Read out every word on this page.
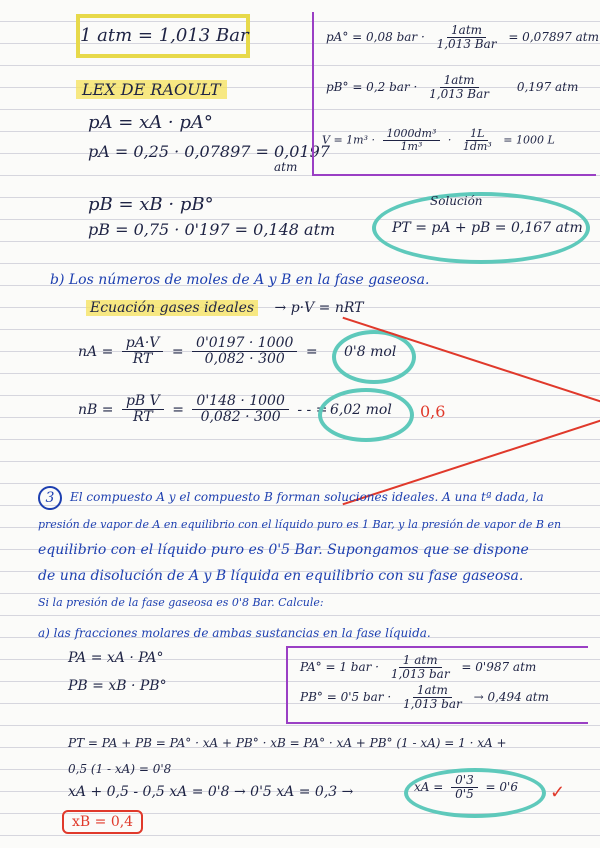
1 atm = 1,013 Bar
LEX DE RAOULT
pA = xA · pA°
pA = 0,25 · 0,07897 = 0,0197
atm
pB = xB · pB°
pB = 0,75 · 0'197 = 0,148 atm
pA° = 0,08 bar · $\frac{\text{1atm}}{\text{1,013 Bar}} = 0,07897$ atm
pB° = 0,2 bar · $\frac{\text{1atm}}{\text{1,013 Bar}} 0,197$ atm
$V = 1m^3 \cdot \frac{\text{1000dm³}}{\text{1m³}} \cdot \frac{1L}{\text{1dm³}} = 1000$ L
Solución
PT = pA + pB = 0,167 atm
b) Los números de moles de A y B en la fase gaseosa.
Ecuación gases ideales → p·V = nRT
nA = $\frac{pA\cdot V}{RT} = \frac{0'0197 \cdot 1000}{0,082 \cdot 300} = 0'8$ mol
nB = $\frac{\text{pB V}}{RT} = \frac{0'148 \cdot 1000}{0,082 \cdot 300}$ - - = 6,02 mol	0,6
3	El compuesto A y el compuesto B forman soluciones ideales. A una tª dada, la
presión de vapor de A en equilibrio con el líquido puro es 1 Bar, y la presión de vapor de B en
equilibrio con el líquido puro es 0'5 Bar. Supongamos que se dispone
de una disolución de A y B líquida en equilibrio con su fase gaseosa.
Si la presión de la fase gaseosa es 0'8 Bar. Calcule:
a) las fracciones molares de ambas sustancias en la fase líquida.
PA = xA · PA°
PB = xB · PB°
PA° = 1 bar · $\frac{\text{1 atm}}{\text{1,013 bar}} = 0'987$ atm
PB° = 0'5 bar · $\frac{\text{1atm}}{\text{1,013 bar}} \to 0,494$ atm
PT = PA + PB = PA° · xA + PB° · xB = PA° · xA + PB° (1 - xA) = 1 · xA +
0,5 (1 - xA) = 0'8
xA + 0,5 - 0,5 xA = 0'8 → 0'5 xA = 0,3 →	xA = $\frac{0'3}{0'5} = 0'6$ ✓
xB = 0,4
